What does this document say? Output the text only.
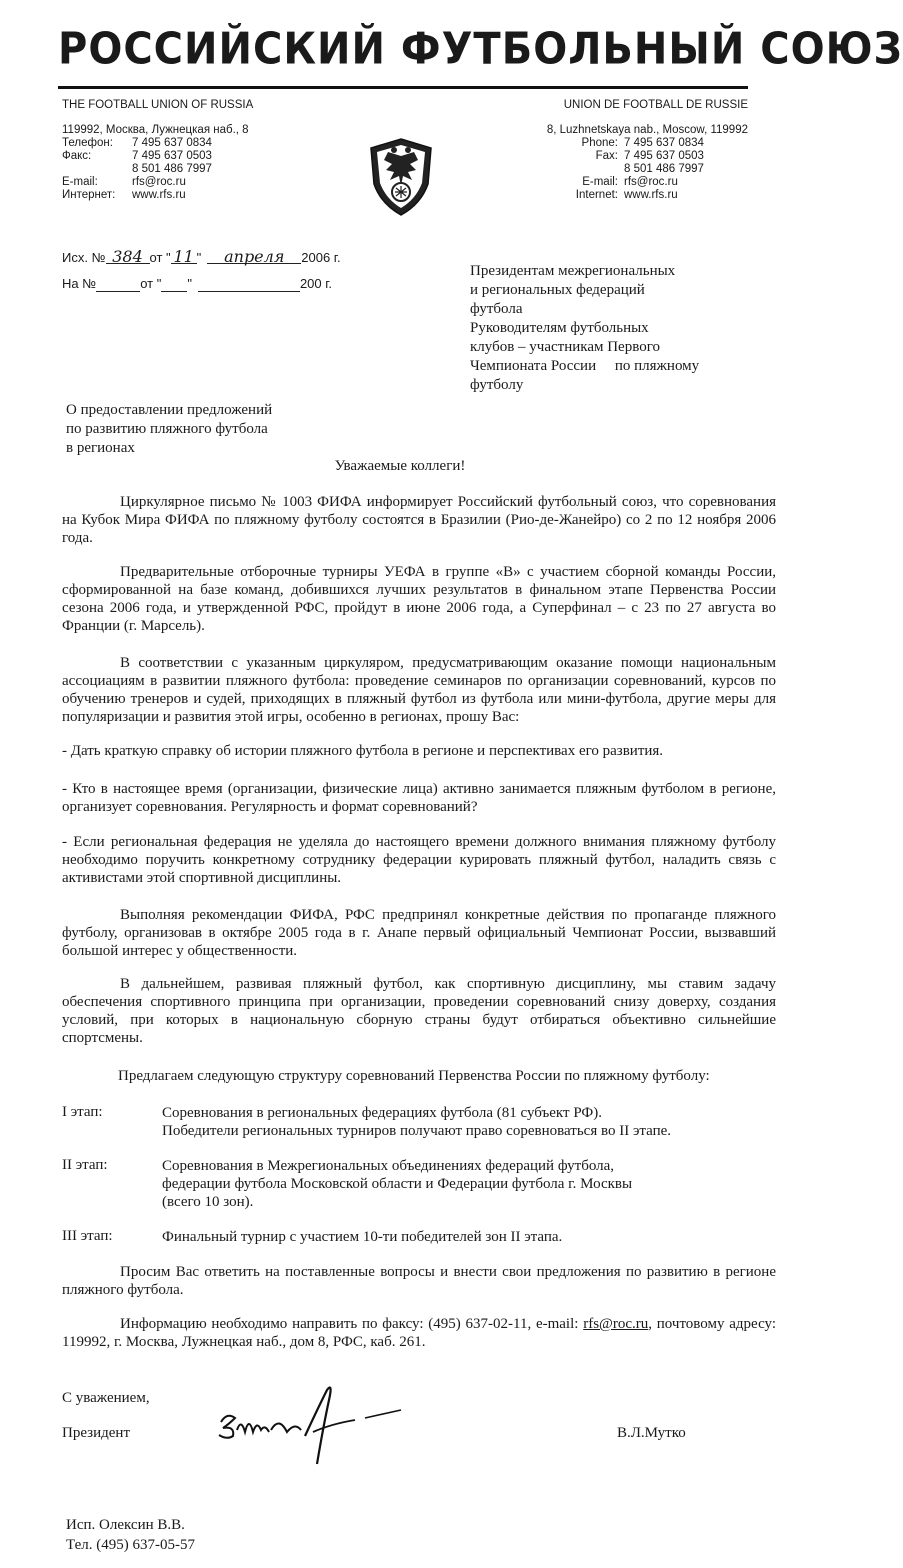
РОССИЙСКИЙ ФУТБОЛЬНЫЙ СОЮЗ
THE FOOTBALL UNION OF RUSSIA
119992, Москва, Лужнецкая наб., 8
Телефон: 7 495 637 0834
Факс:	7 495 637 0503
8 501 486 7997
E-mail:	rfs@roc.ru
Интернет: www.rfs.ru
UNION DE FOOTBALL DE RUSSIE
8, Luzhnetskaya nab., Moscow, 119992
Phone: 7 495 637 0834
Fax: 7 495 637 0503
8 501 486 7997
E-mail: rfs@roc.ru
Internet: www.rfs.ru
Исх. № 384 от " 11 " апреля 2006 г.
На №	от " "	200 г.
Президентам межрегиональных
и региональных федераций
футбола
Руководителям футбольных
клубов – участникам Первого
Чемпионата России     по пляжному
футболу
О предоставлении предложений
по развитию пляжного футбола
в регионах
Уважаемые коллеги!
Циркулярное письмо № 1003 ФИФА информирует Российский футбольный союз, что соревнования на Кубок Мира ФИФА по пляжному футболу состоятся в Бразилии (Рио-де-Жанейро) со 2 по 12 ноября 2006 года.
Предварительные отборочные турниры УЕФА в группе «В» с участием сборной команды России, сформированной на базе команд, добившихся лучших результатов в финальном этапе Первенства России сезона 2006 года, и утвержденной РФС, пройдут в июне 2006 года, а Суперфинал – с 23 по 27 августа во Франции (г. Марсель).
В соответствии с указанным циркуляром, предусматривающим оказание помощи национальным ассоциациям в развитии пляжного футбола: проведение семинаров по организации соревнований, курсов по обучению тренеров и судей, приходящих в пляжный футбол из футбола или мини-футбола, другие меры для популяризации и развития этой игры, особенно в регионах, прошу Вас:
- Дать краткую справку об истории пляжного футбола в регионе и перспективах его развития.
- Кто в настоящее время (организации, физические лица) активно занимается пляжным футболом в регионе, организует соревнования. Регулярность и формат соревнований?
- Если региональная федерация не уделяла до настоящего времени должного внимания пляжному футболу необходимо поручить конкретному сотруднику федерации курировать пляжный футбол, наладить связь с активистами этой спортивной дисциплины.
Выполняя рекомендации ФИФА, РФС предпринял конкретные действия по пропаганде пляжного футболу, организовав в октябре 2005 года в г. Анапе первый официальный Чемпионат России, вызвавший большой интерес у общественности.
В дальнейшем, развивая пляжный футбол, как спортивную дисциплину, мы ставим задачу обеспечения спортивного принципа при организации, проведении соревнований снизу доверху, создания условий, при которых в национальную сборную страны будут отбираться объективно сильнейшие спортсмены.
Предлагаем следующую структуру соревнований Первенства России по пляжному футболу:
I этап:	Соревнования в региональных федерациях футбола (81 субъект РФ).
Победители региональных турниров получают право соревноваться во II этапе.
II этап:	Соревнования в Межрегиональных объединениях федераций футбола,
федерации футбола Московской области и Федерации футбола г. Москвы
(всего 10 зон).
III этап:	Финальный турнир с участием 10-ти победителей зон II этапа.
Просим Вас ответить на поставленные вопросы и внести свои предложения по развитию в регионе пляжного футбола.
Информацию необходимо направить по факсу: (495) 637-02-11, e-mail: rfs@roc.ru, почтовому адресу: 119992, г. Москва, Лужнецкая наб., дом 8, РФС, каб. 261.
С уважением,
Президент	В.Л.Мутко
Исп. Олексин В.В.
Тел. (495) 637-05-57
